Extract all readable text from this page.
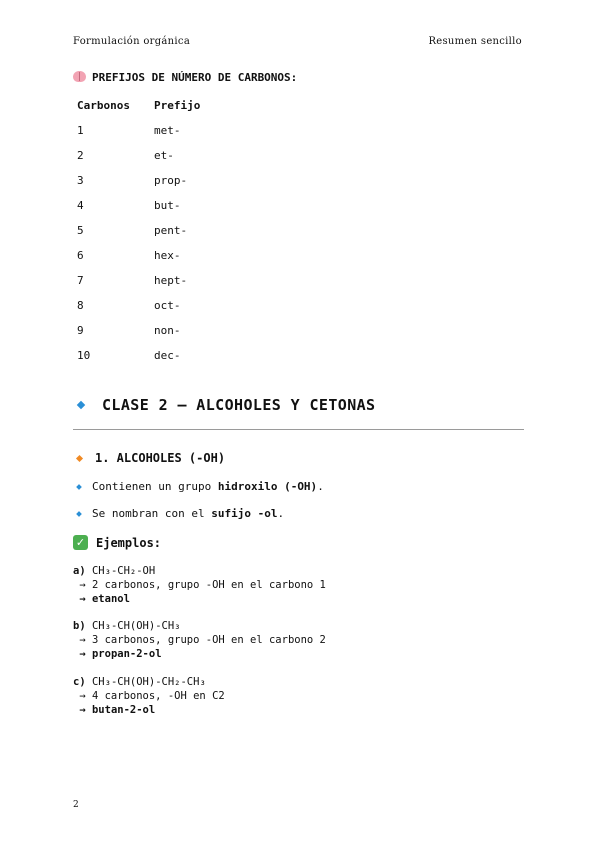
Formulación orgánica	Resumen sencillo
PREFIJOS DE NÚMERO DE CARBONOS:
Carbonos	Prefijo
1	met-
2	et-
3	prop-
4	but-
5	pent-
6	hex-
7	hept-
8	oct-
9	non-
10	dec-
CLASE 2 – ALCOHOLES Y CETONAS
1. ALCOHOLES (-OH)
Contienen un grupo hidroxilo (-OH).
Se nombran con el sufijo -ol.
✓ Ejemplos:
a) CH₃-CH₂-OH
→ 2 carbonos, grupo -OH en el carbono 1
→ etanol
b) CH₃-CH(OH)-CH₃
→ 3 carbonos, grupo -OH en el carbono 2
→ propan-2-ol
c) CH₃-CH(OH)-CH₂-CH₃
→ 4 carbonos, -OH en C2
→ butan-2-ol
2
